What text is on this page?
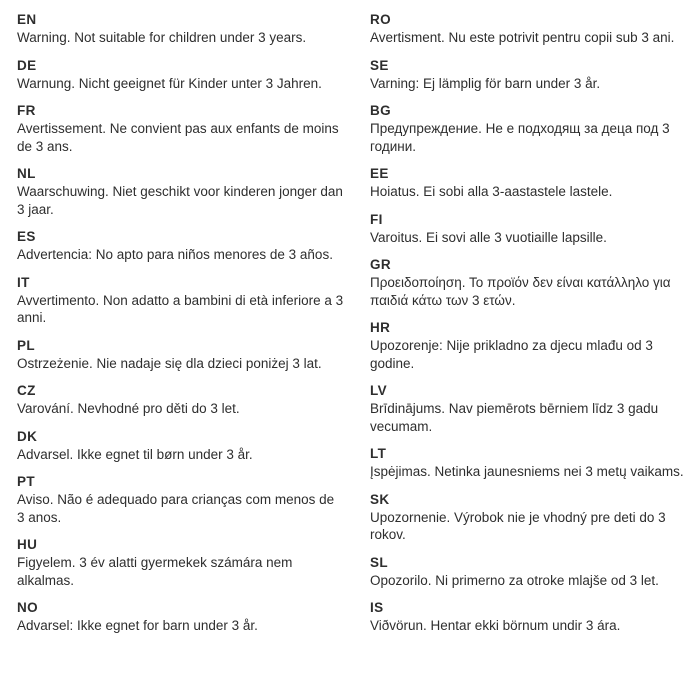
EN
Warning. Not suitable for children under 3 years.
DE
Warnung. Nicht geeignet für Kinder unter 3 Jahren.
FR
Avertissement. Ne convient pas aux enfants de moins de 3 ans.
NL
Waarschuwing. Niet geschikt voor kinderen jonger dan 3 jaar.
ES
Advertencia: No apto para niños menores de 3 años.
IT
Avvertimento. Non adatto a bambini di età inferiore a 3 anni.
PL
Ostrzeżenie. Nie nadaje się dla dzieci poniżej 3 lat.
CZ
Varování. Nevhodné pro děti do 3 let.
DK
Advarsel. Ikke egnet til børn under 3 år.
PT
Aviso. Não é adequado para crianças com menos de 3 anos.
HU
Figyelem. 3 év alatti gyermekek számára nem alkalmas.
NO
Advarsel: Ikke egnet for barn under 3 år.
RO
Avertisment. Nu este potrivit pentru copii sub 3 ani.
SE
Varning: Ej lämplig för barn under 3 år.
BG
Предупреждение. Не е подходящ за деца под 3 години.
EE
Hoiatus. Ei sobi alla 3-aastastele lastele.
FI
Varoitus. Ei sovi alle 3 vuotiaille lapsille.
GR
Προειδοποίηση. Το προϊόν δεν είναι κατάλληλο για παιδιά κάτω των 3 ετών.
HR
Upozorenje: Nije prikladno za djecu mlađu od 3 godine.
LV
Brīdinājums. Nav piemērots bērniem līdz 3 gadu vecumam.
LT
Įspėjimas. Netinka jaunesniems nei 3 metų vaikams.
SK
Upozornenie. Výrobok nie je vhodný pre deti do 3 rokov.
SL
Opozorilo. Ni primerno za otroke mlajše od 3 let.
IS
Viðvörun. Hentar ekki börnum undir 3 ára.
